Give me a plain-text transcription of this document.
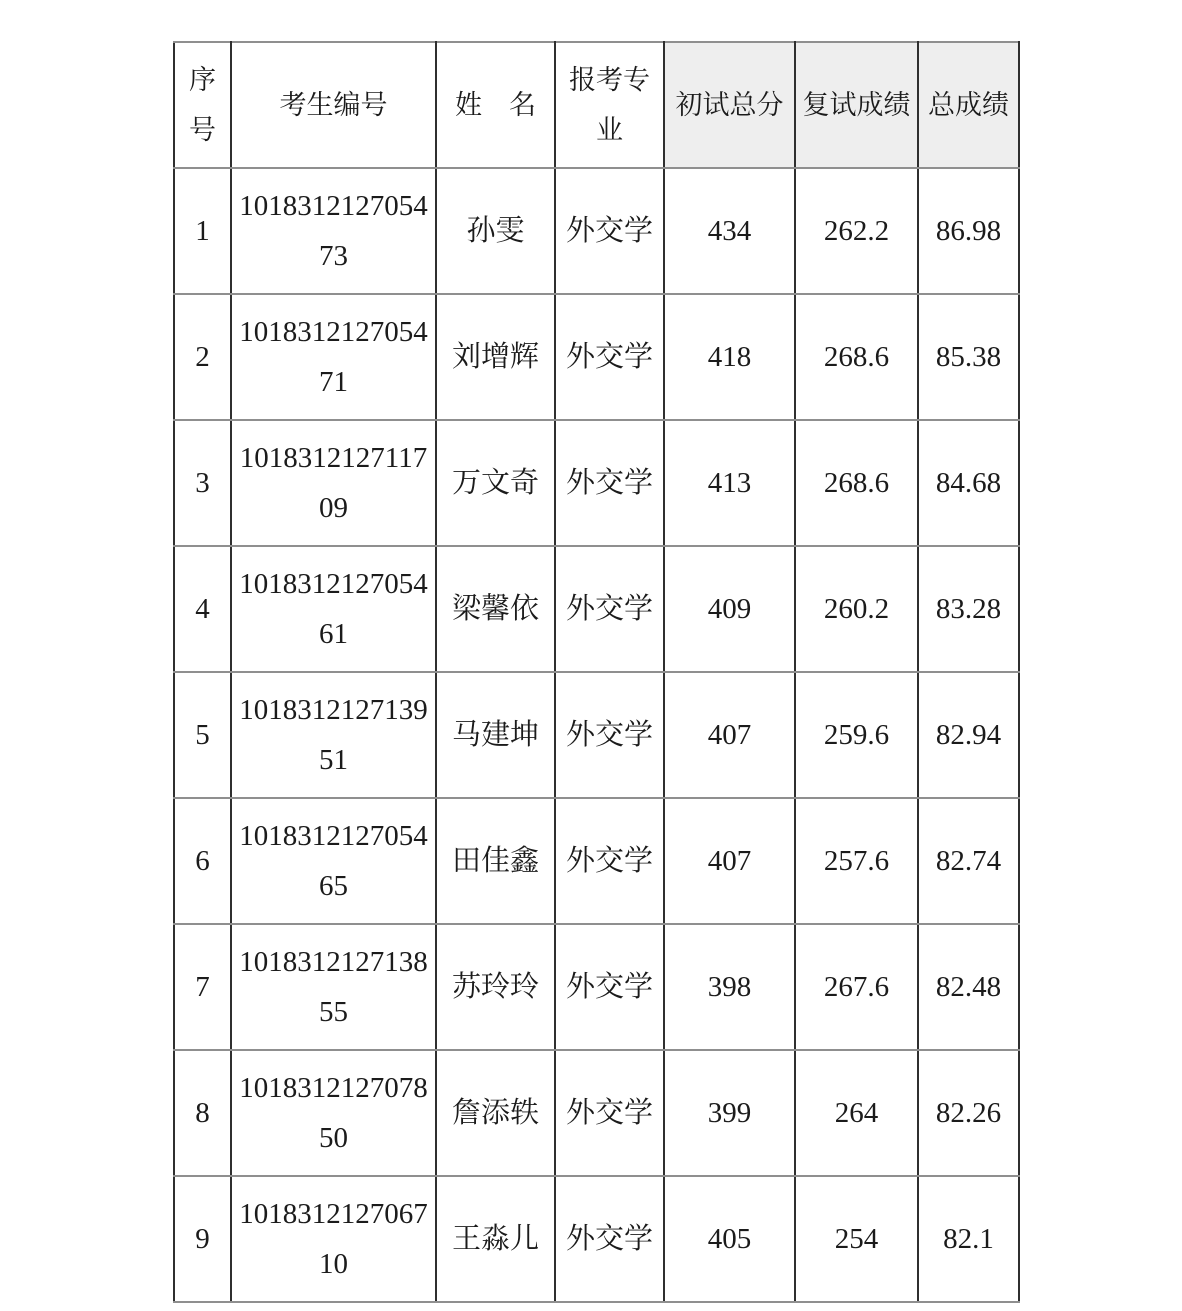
序号	考生编号	姓　名	报考专业	初试总分	复试成绩	总成绩
1	101831212705473	孙雯	外交学	434	262.2	86.98
2	101831212705471	刘增辉	外交学	418	268.6	85.38
3	101831212711709	万文奇	外交学	413	268.6	84.68
4	101831212705461	梁馨依	外交学	409	260.2	83.28
5	101831212713951	马建坤	外交学	407	259.6	82.94
6	101831212705465	田佳鑫	外交学	407	257.6	82.74
7	101831212713855	苏玲玲	外交学	398	267.6	82.48
8	101831212707850	詹添轶	外交学	399	264	82.26
9	101831212706710	王淼儿	外交学	405	254	82.1
